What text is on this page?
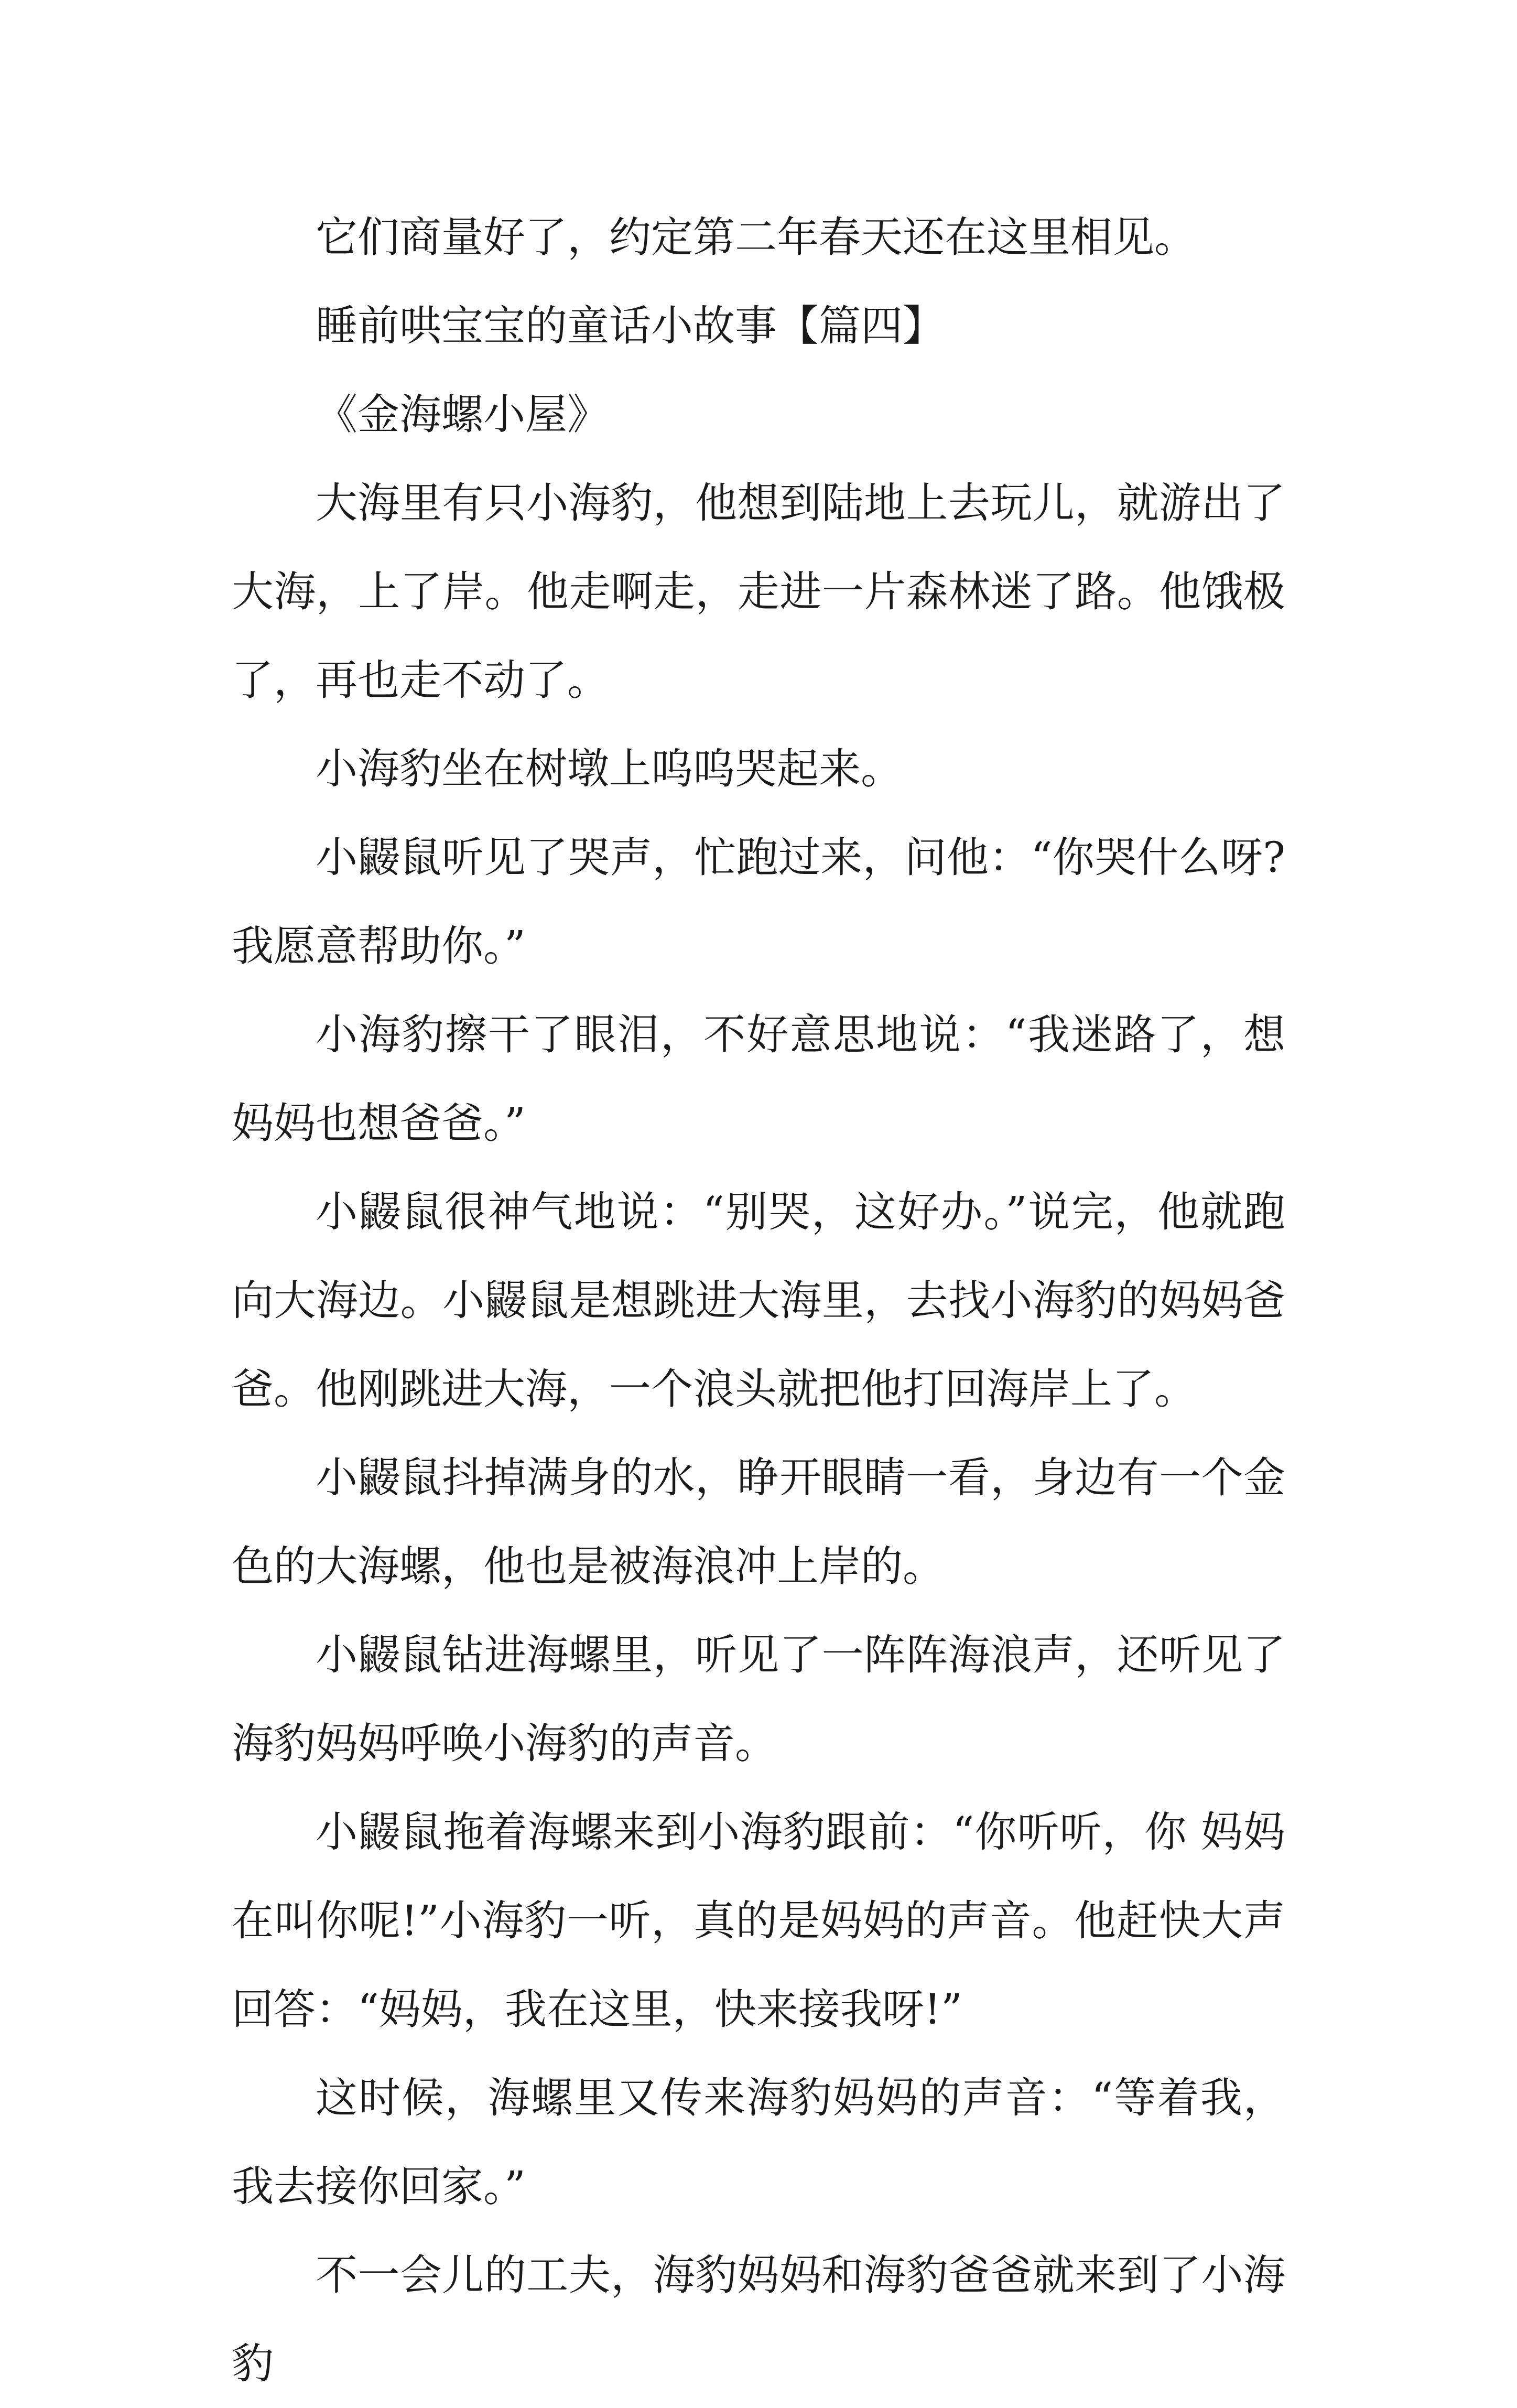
它们商量好了，约定第二年春天还在这里相见。

睡前哄宝宝的童话小故事【篇四】

《金海螺小屋》

大海里有只小海豹，他想到陆地上去玩儿，就游出了大海，上了岸。他走啊走，走进一片森林迷了路。他饿极了，再也走不动了。

小海豹坐在树墩上呜呜哭起来。

小鼹鼠听见了哭声，忙跑过来，问他：“你哭什么呀?我愿意帮助你。”

小海豹擦干了眼泪，不好意思地说：“我迷路了，想妈妈也想爸爸。”

小鼹鼠很神气地说：“别哭，这好办。”说完，他就跑向大海边。小鼹鼠是想跳进大海里，去找小海豹的妈妈爸爸。他刚跳进大海，一个浪头就把他打回海岸上了。

小鼹鼠抖掉满身的水，睁开眼睛一看，身边有一个金色的大海螺，他也是被海浪冲上岸的。

小鼹鼠钻进海螺里，听见了一阵阵海浪声，还听见了海豹妈妈呼唤小海豹的声音。

小鼹鼠拖着海螺来到小海豹跟前：“你听听，你 妈妈在叫你呢!”小海豹一听，真的是妈妈的声音。他赶快大声回答：“妈妈，我在这里，快来接我呀!”

这时候，海螺里又传来海豹妈妈的声音：“等着我，我去接你回家。”

不一会儿的工夫，海豹妈妈和海豹爸爸就来到了小海豹
